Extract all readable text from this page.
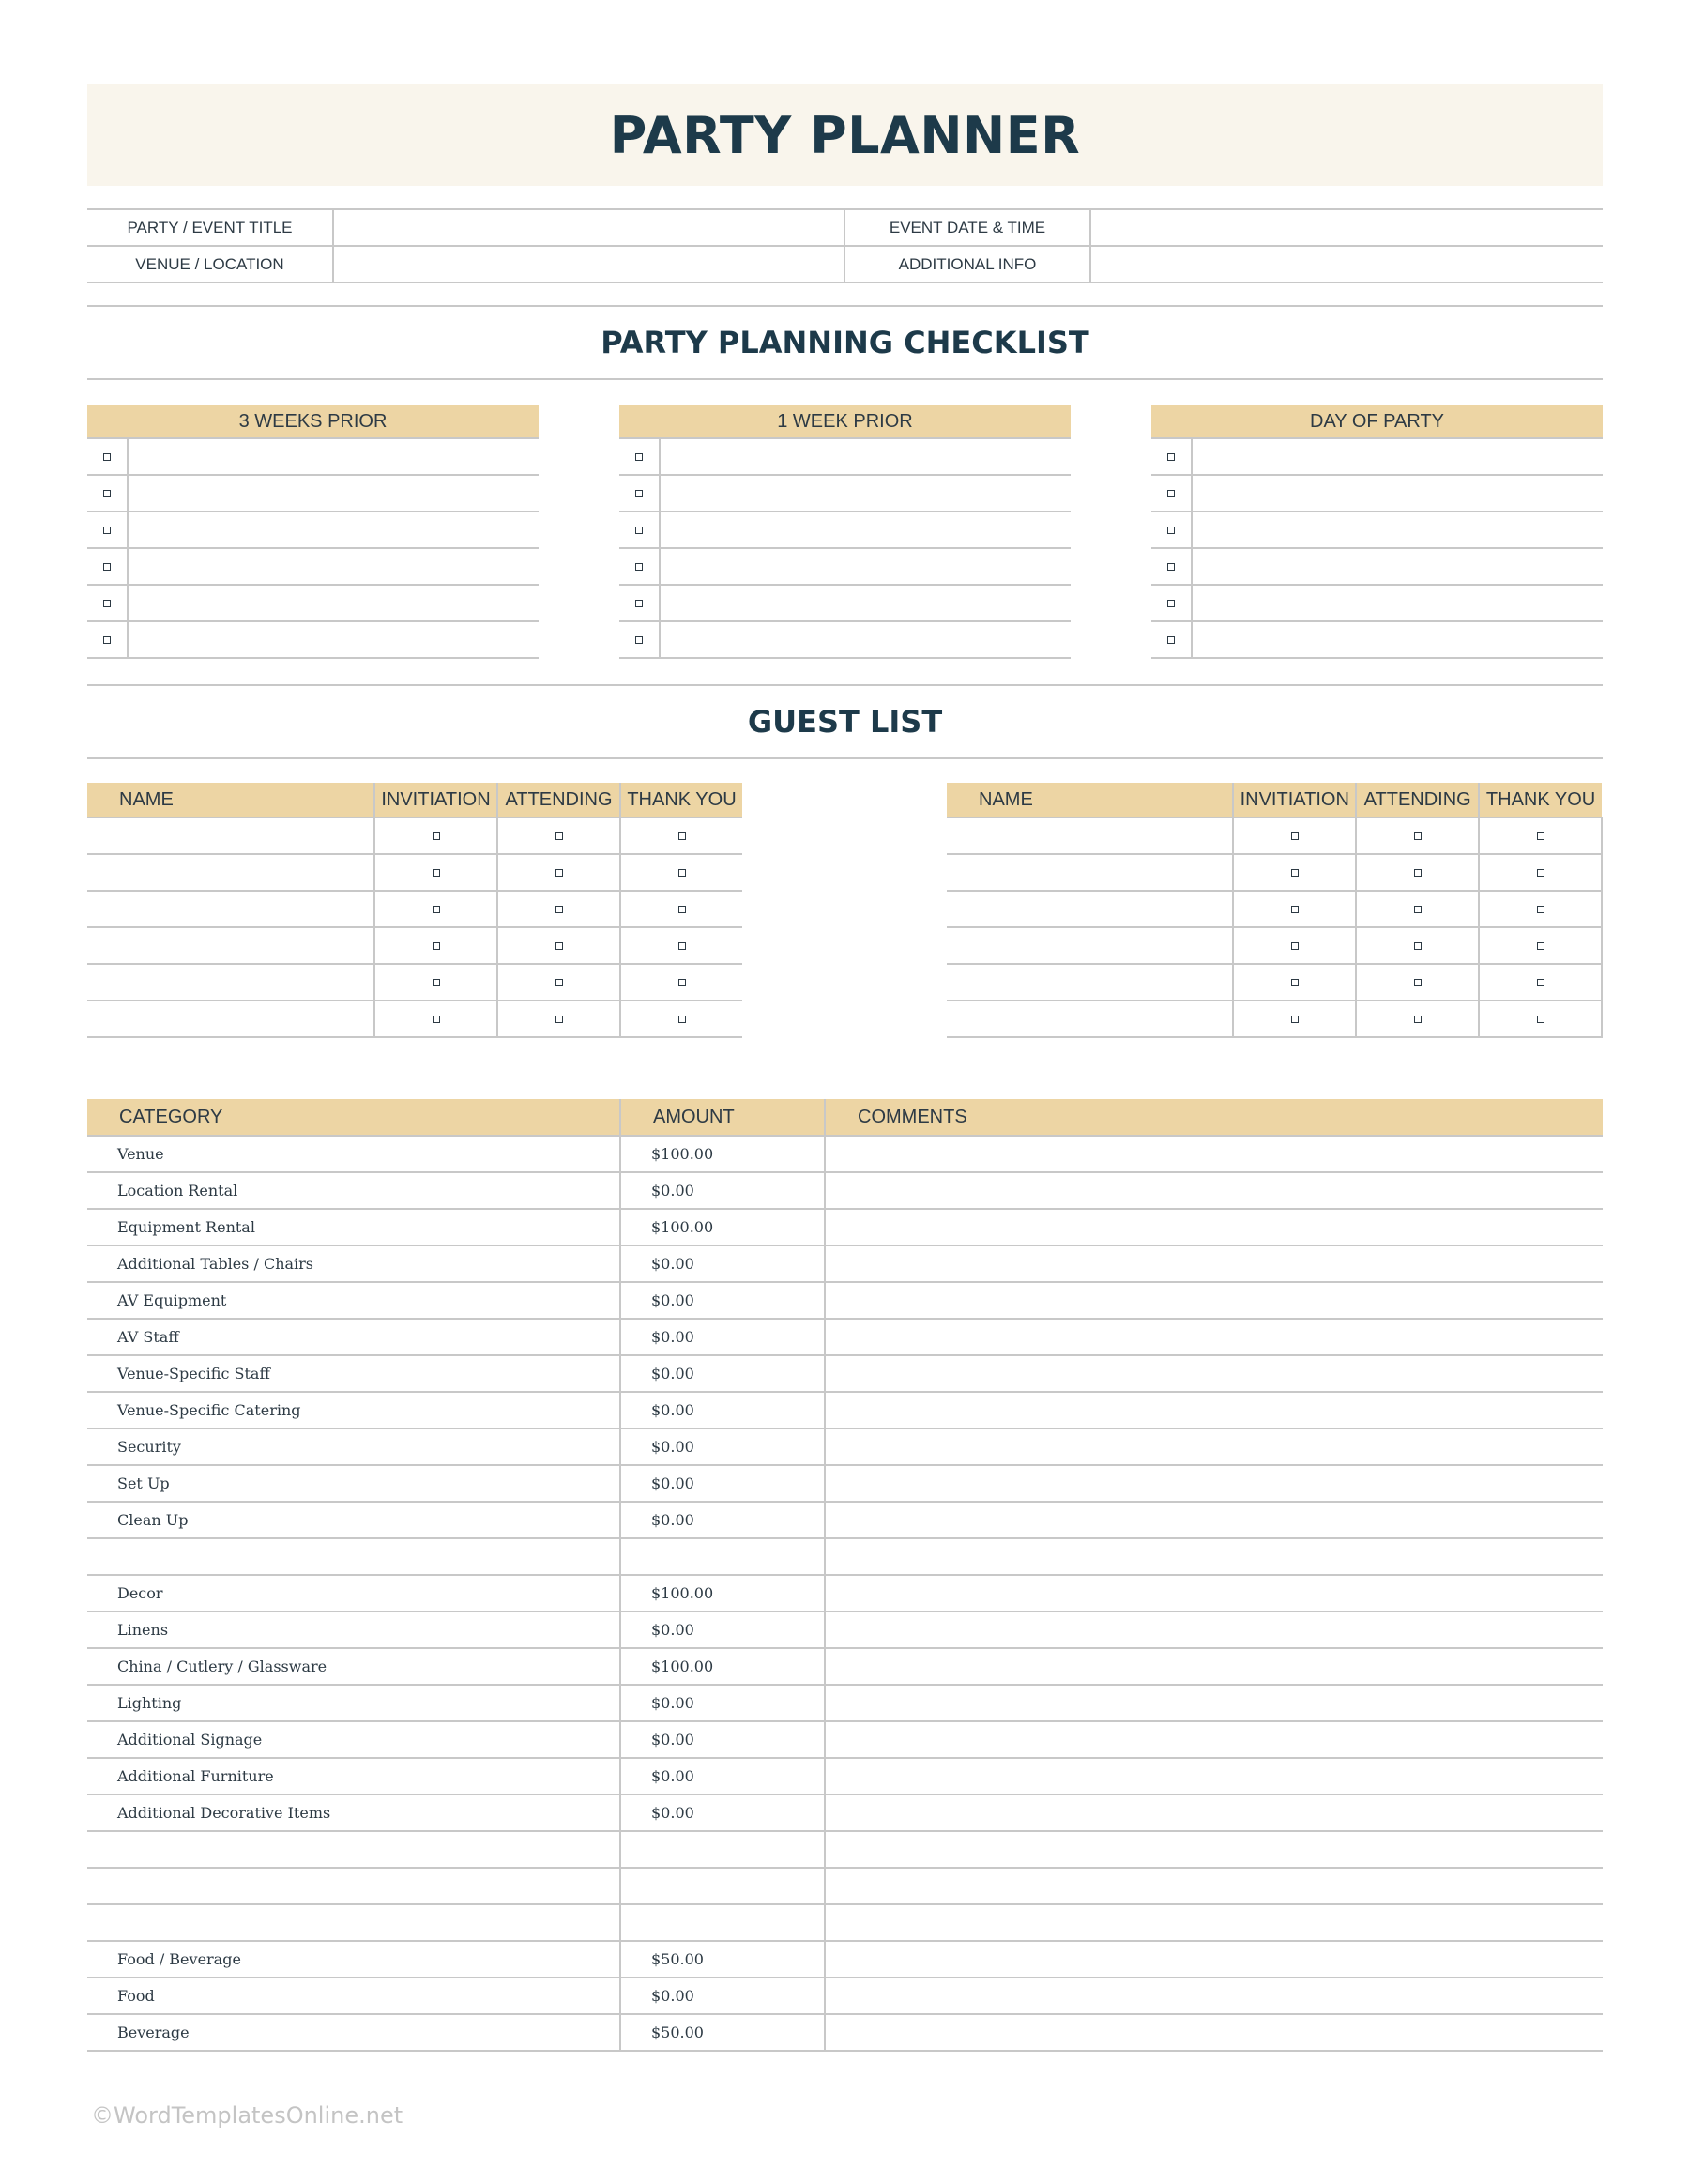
PARTY PLANNER
PARTY / EVENT TITLE		EVENT DATE & TIME	
VENUE / LOCATION		ADDITIONAL INFO	
PARTY PLANNING CHECKLIST
3 WEEKS PRIOR	1 WEEK PRIOR	DAY OF PARTY
GUEST LIST
NAME	INVITIATION	ATTENDING	THANK YOU

				NAME	INVITIATION	ATTENDING	THANK YOU

CATEGORY	AMOUNT	COMMENTS
Venue	$100.00	
Location Rental	$0.00	
Equipment Rental	$100.00	
Additional Tables / Chairs	$0.00	
AV Equipment	$0.00	
AV Staff	$0.00	
Venue-Specific Staff	$0.00	
Venue-Specific Catering	$0.00	
Security	$0.00	
Set Up	$0.00	
Clean Up	$0.00	

Decor	$100.00	
Linens	$0.00	
China / Cutlery / Glassware	$100.00	
Lighting	$0.00	
Additional Signage	$0.00	
Additional Furniture	$0.00	
Additional Decorative Items	$0.00	

Food / Beverage	$50.00	
Food	$0.00	
Beverage	$50.00	
©WordTemplatesOnline.net
